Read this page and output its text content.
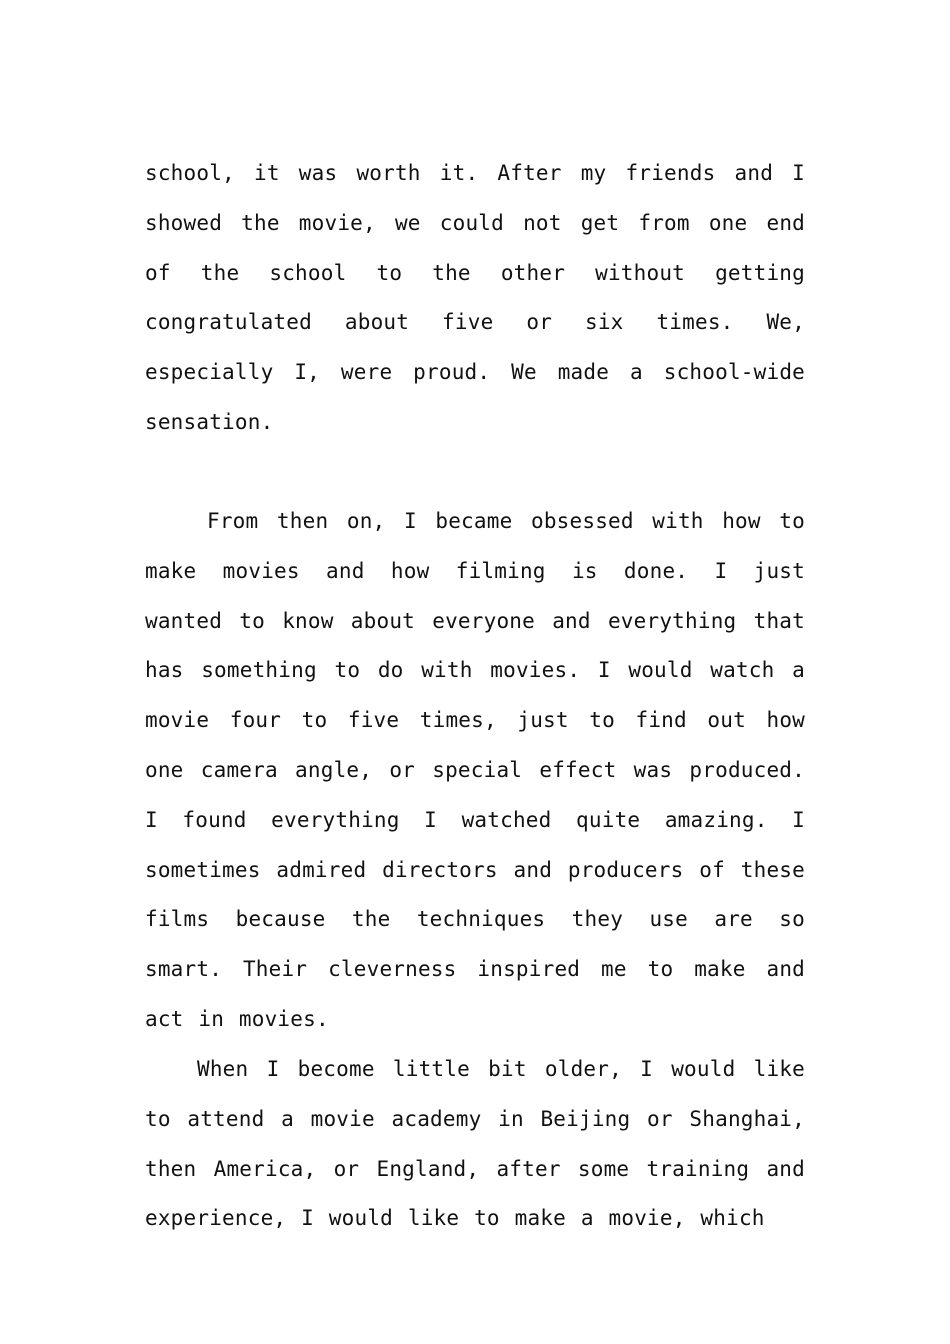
school, it was worth it. After my friends and I showed the movie, we could not get from one end of the school to the other without getting congratulated about five or six times. We, especially I, were proud. We made a school-wide sensation.

From then on, I became obsessed with how to make movies and how filming is done. I just wanted to know about everyone and everything that has something to do with movies. I would watch a movie four to five times, just to find out how one camera angle, or special effect was produced. I found everything I watched quite amazing. I sometimes admired directors and producers of these films because the techniques they use are so smart. Their cleverness inspired me to make and act in movies.

When I become little bit older, I would like to attend a movie academy in Beijing or Shanghai, then America, or England, after some training and experience, I would like to make a movie, which
